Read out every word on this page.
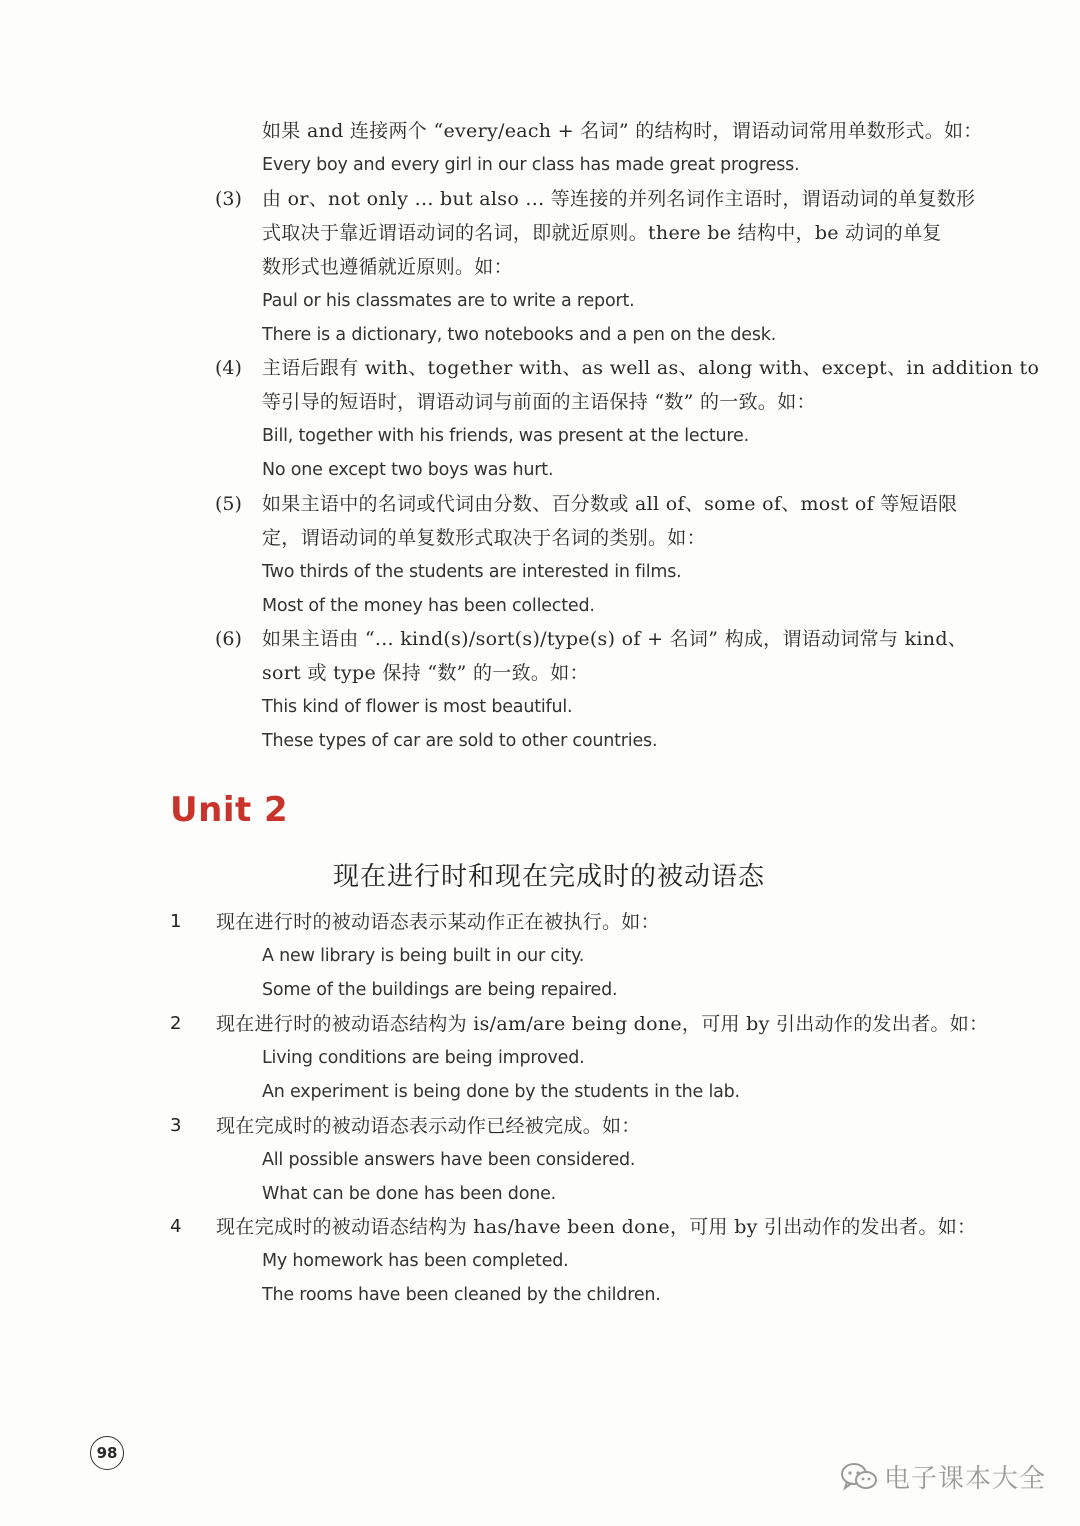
如果 and 连接两个 “every/each + 名词” 的结构时，谓语动词常用单数形式。如：
Every boy and every girl in our class has made great progress.
(3) 由 or、not only ... but also ... 等连接的并列名词作主语时，谓语动词的单复数形
式取决于靠近谓语动词的名词，即就近原则。there be 结构中，be 动词的单复
数形式也遵循就近原则。如：
Paul or his classmates are to write a report.
There is a dictionary, two notebooks and a pen on the desk.
(4) 主语后跟有 with、together with、as well as、along with、except、in addition to
等引导的短语时，谓语动词与前面的主语保持 “数” 的一致。如：
Bill, together with his friends, was present at the lecture.
No one except two boys was hurt.
(5) 如果主语中的名词或代词由分数、百分数或 all of、some of、most of 等短语限
定，谓语动词的单复数形式取决于名词的类别。如：
Two thirds of the students are interested in films.
Most of the money has been collected.
(6) 如果主语由 “... kind(s)/sort(s)/type(s) of + 名词” 构成，谓语动词常与 kind、
sort 或 type 保持 “数” 的一致。如：
This kind of flower is most beautiful.
These types of car are sold to other countries.
Unit 2
现在进行时和现在完成时的被动语态
1 现在进行时的被动语态表示某动作正在被执行。如：
A new library is being built in our city.
Some of the buildings are being repaired.
2 现在进行时的被动语态结构为 is/am/are being done，可用 by 引出动作的发出者。如：
Living conditions are being improved.
An experiment is being done by the students in the lab.
3 现在完成时的被动语态表示动作已经被完成。如：
All possible answers have been considered.
What can be done has been done.
4 现在完成时的被动语态结构为 has/have been done，可用 by 引出动作的发出者。如：
My homework has been completed.
The rooms have been cleaned by the children.
98
电子课本大全
